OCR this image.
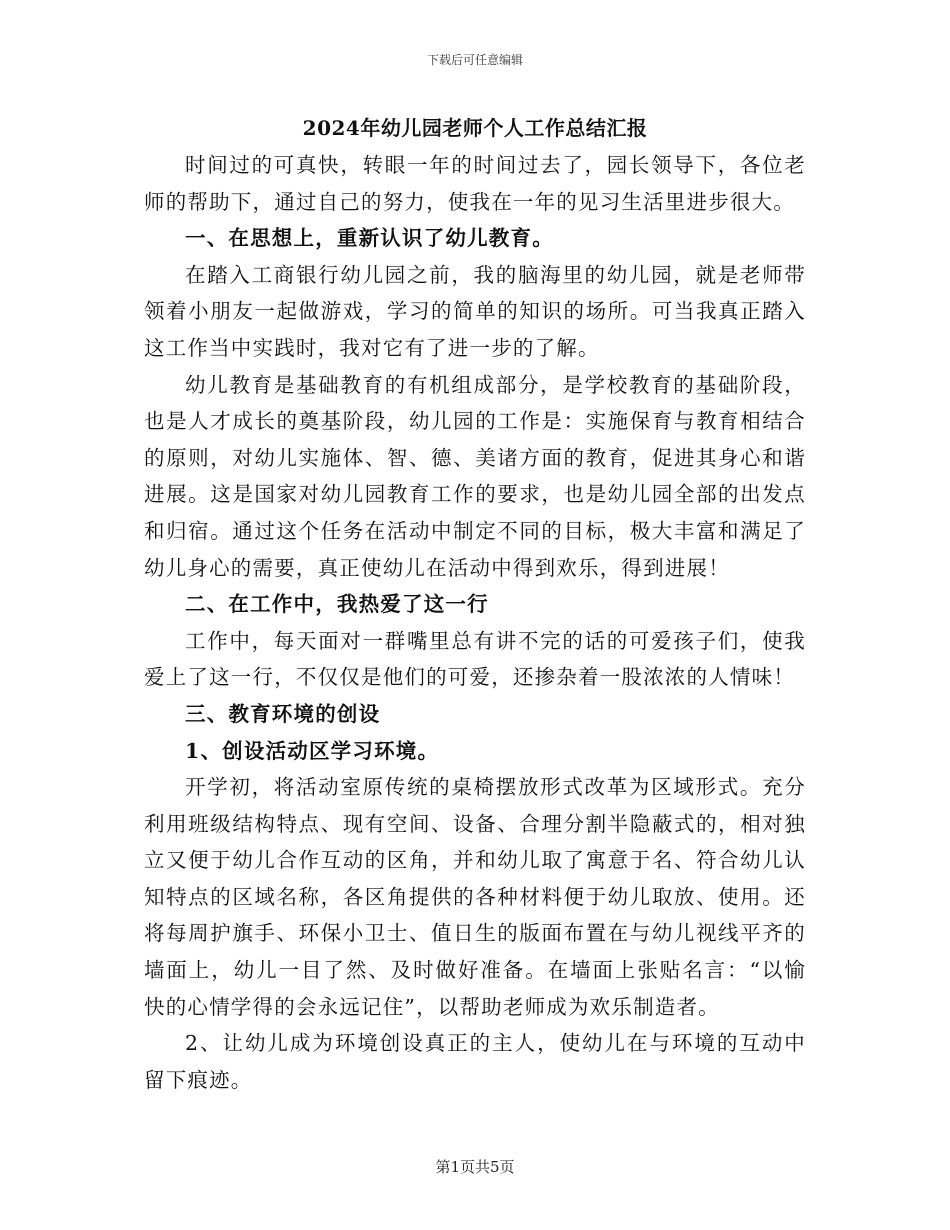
下载后可任意编辑
2024年幼儿园老师个人工作总结汇报

时间过的可真快，转眼一年的时间过去了，园长领导下，各位老师的帮助下，通过自己的努力，使我在一年的见习生活里进步很大。

一、在思想上，重新认识了幼儿教育。

在踏入工商银行幼儿园之前，我的脑海里的幼儿园，就是老师带领着小朋友一起做游戏，学习的简单的知识的场所。可当我真正踏入这工作当中实践时，我对它有了进一步的了解。

幼儿教育是基础教育的有机组成部分，是学校教育的基础阶段，也是人才成长的奠基阶段，幼儿园的工作是：实施保育与教育相结合的原则，对幼儿实施体、智、德、美诸方面的教育，促进其身心和谐进展。这是国家对幼儿园教育工作的要求，也是幼儿园全部的出发点和归宿。通过这个任务在活动中制定不同的目标，极大丰富和满足了幼儿身心的需要，真正使幼儿在活动中得到欢乐，得到进展！

二、在工作中，我热爱了这一行

工作中，每天面对一群嘴里总有讲不完的话的可爱孩子们，使我爱上了这一行，不仅仅是他们的可爱，还掺杂着一股浓浓的人情味！

三、教育环境的创设

1、创设活动区学习环境。

开学初，将活动室原传统的桌椅摆放形式改革为区域形式。充分利用班级结构特点、现有空间、设备、合理分割半隐蔽式的，相对独立又便于幼儿合作互动的区角，并和幼儿取了寓意于名、符合幼儿认知特点的区域名称，各区角提供的各种材料便于幼儿取放、使用。还将每周护旗手、环保小卫士、值日生的版面布置在与幼儿视线平齐的墙面上，幼儿一目了然、及时做好准备。在墙面上张贴名言：“以愉快的心情学得的会永远记住”，以帮助老师成为欢乐制造者。

2、让幼儿成为环境创设真正的主人，使幼儿在与环境的互动中留下痕迹。

第1页共5页
